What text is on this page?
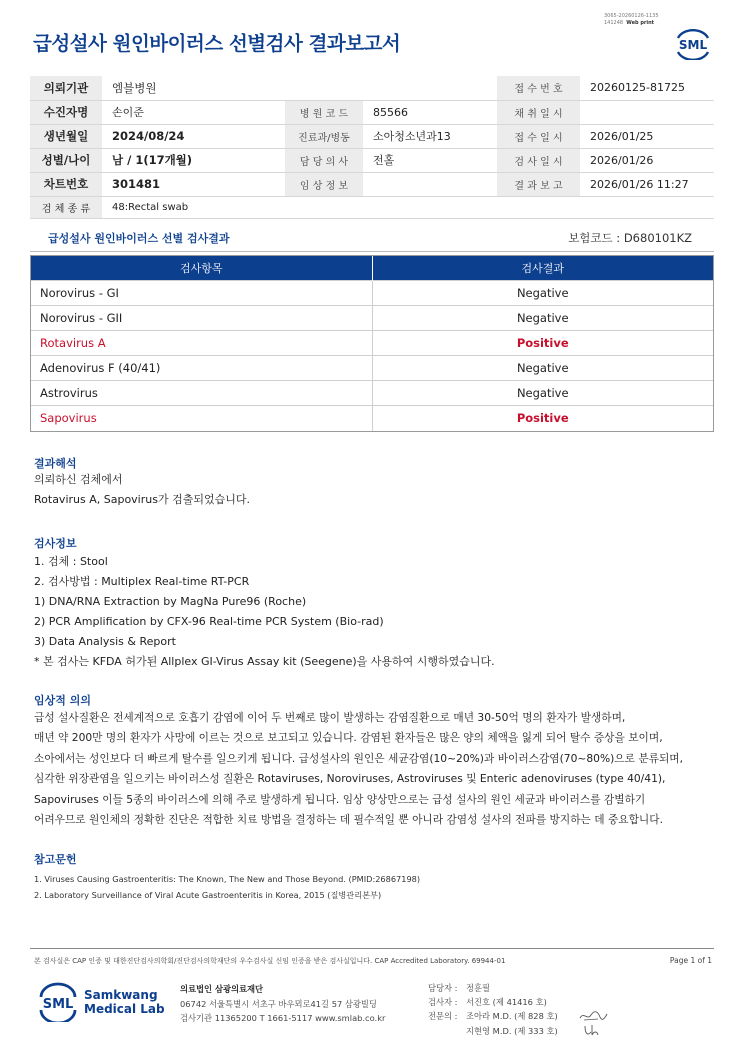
3065-20260126-1135
141248 Web print
급성설사 원인바이러스 선별검사 결과보고서	SML
의뢰기관	엠블병원			접 수 번 호	20260125-81725
수진자명	손이준	병 원 코 드	85566	채 취 일 시	
생년월일	2024/08/24	진료과/병동	소아청소년과13	접 수 일 시	2026/01/25
성별/나이	남 / 1(17개월)	담 당 의 사	전홀	검 사 일 시	2026/01/26
차트번호	301481	임 상 정 보		결 과 보 고	2026/01/26 11:27
검 체 종 류	48:Rectal swab				
급성설사 원인바이러스 선별 검사결과	보험코드 : D680101KZ
검사항목	검사결과
Norovirus - GI	Negative
Norovirus - GII	Negative
Rotavirus A	Positive
Adenovirus F (40/41)	Negative
Astrovirus	Negative
Sapovirus	Positive
결과해석
의뢰하신 검체에서
Rotavirus A, Sapovirus가 검출되었습니다.
검사정보
1. 검체 : Stool
2. 검사방법 : Multiplex Real-time RT-PCR
1) DNA/RNA Extraction by MagNa Pure96 (Roche)
2) PCR Amplification by CFX-96 Real-time PCR System (Bio-rad)
3) Data Analysis & Report
* 본 검사는 KFDA 허가된 Allplex GI-Virus Assay kit (Seegene)을 사용하여 시행하였습니다.
임상적 의의
급성 설사질환은 전세계적으로 호흡기 감염에 이어 두 번째로 많이 발생하는 감염질환으로 매년 30-50억 명의 환자가 발생하며,
매년 약 200만 명의 환자가 사망에 이르는 것으로 보고되고 있습니다. 감염된 환자들은 많은 양의 체액을 잃게 되어 탈수 증상을 보이며,
소아에서는 성인보다 더 빠르게 탈수를 일으키게 됩니다. 급성설사의 원인은 세균감염(10~20%)과 바이러스감염(70~80%)으로 분류되며,
심각한 위장관염을 일으키는 바이러스성 질환은 Rotaviruses, Noroviruses, Astroviruses 및 Enteric adenoviruses (type 40/41),
Sapoviruses 이들 5종의 바이러스에 의해 주로 발생하게 됩니다. 임상 양상만으로는 급성 설사의 원인 세균과 바이러스를 감별하기
어려우므로 원인체의 정확한 진단은 적합한 치료 방법을 결정하는 데 필수적일 뿐 아니라 감염성 설사의 전파를 방지하는 데 중요합니다.
참고문헌
1. Viruses Causing Gastroenteritis: The Known, The New and Those Beyond. (PMID:26867198)
2. Laboratory Surveillance of Viral Acute Gastroenteritis in Korea, 2015 (질병관리본부)
본 검사실은 CAP 인증 및 대한진단검사의학회/진단검사의학재단의 우수검사실 신임 인증을 받은 검사실입니다. CAP Accredited Laboratory. 69944-01	Page 1 of 1
SML
Samkwang
Medical Lab
의료법인 삼광의료재단
06742 서울특별시 서초구 바우뫼로41길 57 삼광빌딩
검사기관 11365200 T 1661-5117 www.smlab.co.kr
담당자 :	정훈필
검사자 :	서진호 (제 41416 호)
전문의 :	조아라 M.D. (제 828 호)
지현영 M.D. (제 333 호)
